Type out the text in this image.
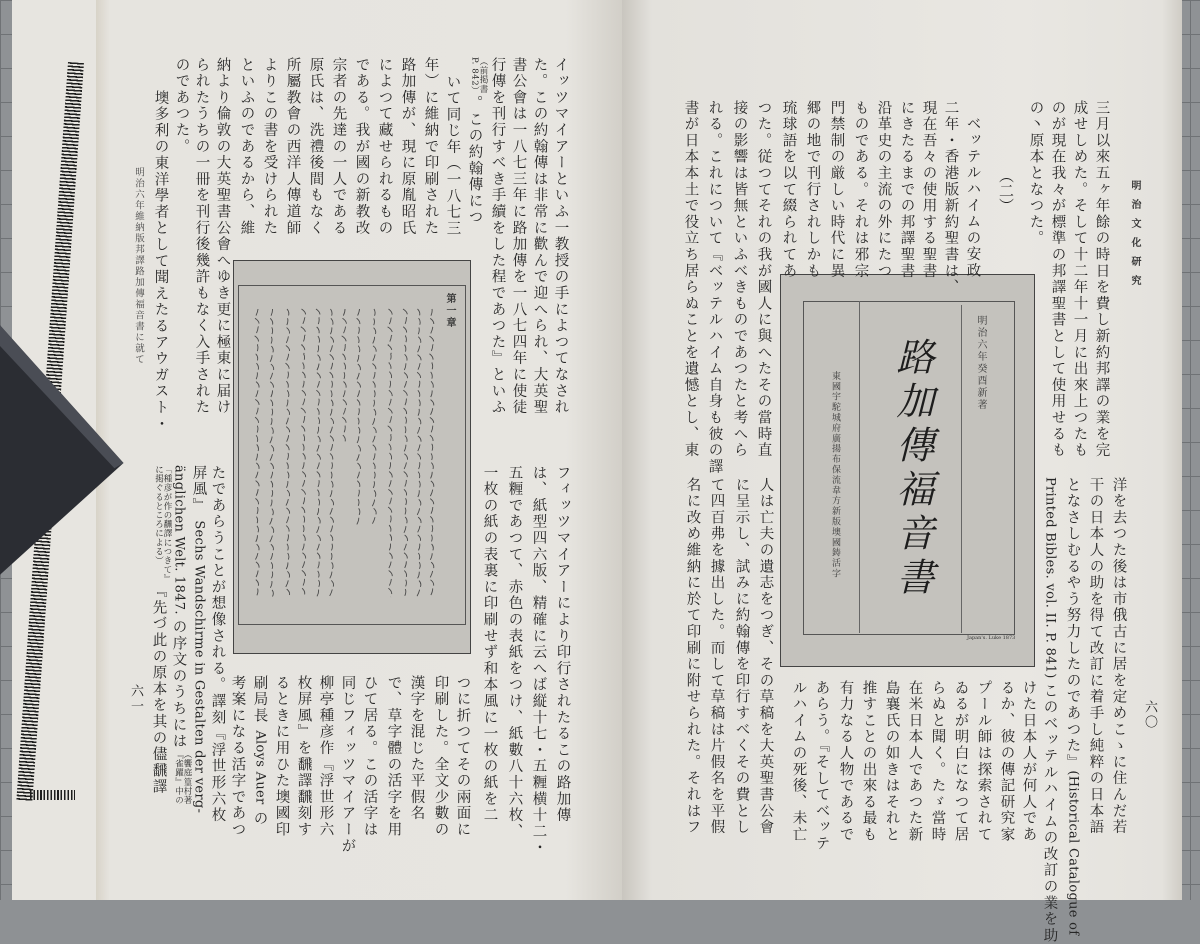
明治六年維納版邦譯路加傳福音書に就て
六一
第一章
明治文化研究
（二）
六〇
路加傳福音書	明治六年癸酉新著
東國宇駝城府廣揚布保流韋方新版墺國鋳活字
Japan's. Luke 1873
イッツマイアーといふ一教授の手によつてなされ
た。この約翰傳は非常に歡んで迎へられ、大英聖
書公會は一八七三年に路加傳を一八七四年に使徒
行傳を刊行すべき手續をした程であつた』といふ
（前掲書
P. 842）
。この約翰傳につ
いて同じ年（一八七三
年）に維納で印刷された
路加傳が、現に原胤昭氏
によつて藏せられるもの
である。我が國の新教改
宗者の先達の一人である
原氏は、洗禮後間もなく
所屬教會の西洋人傳道師
よりこの書を受けられた
といふのであるから、維
納より倫敦の大英聖書公會へゆき更に極東に届け
られたうちの一冊を刊行後幾許もなく入手された
のであつた。
墺多利の東洋學者として聞えたるアウガスト・
フィッツマイアーにより印行されたるこの路加傳
は、紙型四六版、精確に云へば縦十七・五糎横十二・
五糎であつて、赤色の表紙をつけ、紙數八十六枚、
一枚の紙の表裏に印刷せず和本風に一枚の紙を二
つに折つてその兩面に
印刷した。全文少數の
漢字を混じた平假名
で、草字體の活字を用
ひて居る。この活字は
同じフィッツマイアーが
柳亭種彦作『浮世形六
枚屏風』を飜譯飜刻す
るときに用ひた墺國印
刷局長 Aloys Auer の
考案になる活字であつ
たであらうことが想像される。譯刻『浮世形六枚
屏風』 Sechs Wandschirme in Gestalten der verg-
änglichen Welt. 1847. の序文のうちには
（饗庭篁村著
『雀躍』中の
「種彦が作の飜譯につきて』
に掲ぐるところによる）
『先づ此の原本を其の儘飜譯
三月以來五ヶ年餘の時日を費し新約邦譯の業を完
成せしめた。そして十二年十一月に出來上つたも
のが現在我々が標準の邦譯聖書として使用せるも
の丶原本となつた。
ベッテルハイムの安政
二年・香港版新約聖書は、
現在吾々の使用する聖書
にきたるまでの邦譯聖書
沿革史の主流の外にたつ
ものである。それは邪宗
門禁制の厳しい時代に異
郷の地で刊行されしかも
琉球語を以て綴られてあ
つた。従つてそれの我が國人に與へたその當時直
接の影響は皆無といふべきものであつたと考へら
れる。これについて『ベッテルハイム自身も彼の譯
書が日本本土で役立ち居らぬことを遺憾とし、東
洋を去つた後は市俄古に居を定めこゝに住んだ若
干の日本人の助を得て改訂に着手し純粹の日本語
となさしむるやう努力したのであつた』(Historical Catalogue of
Printed Bibles. vol. II. P. 841) このベッテルハイムの改訂の業を助
けた日本人が何人であ
るか、彼の傳記研究家
プール師は探索されて
ゐるが明白になつて居
らぬと聞く。たゞ當時
在米日本人であつた新
島襄氏の如きはそれと
推すことの出來る最も
有力なる人物であるで
あらう。『そしてベッテ
ルハイムの死後、未亡
人は亡夫の遺志をつぎ、その草稿を大英聖書公會
に呈示し、試みに約翰傳を印行すべくその費とし
て四百弗を據出した。而して草稿は片假名を平假
名に改め維納に於て印刷に附せられた。それはフ
